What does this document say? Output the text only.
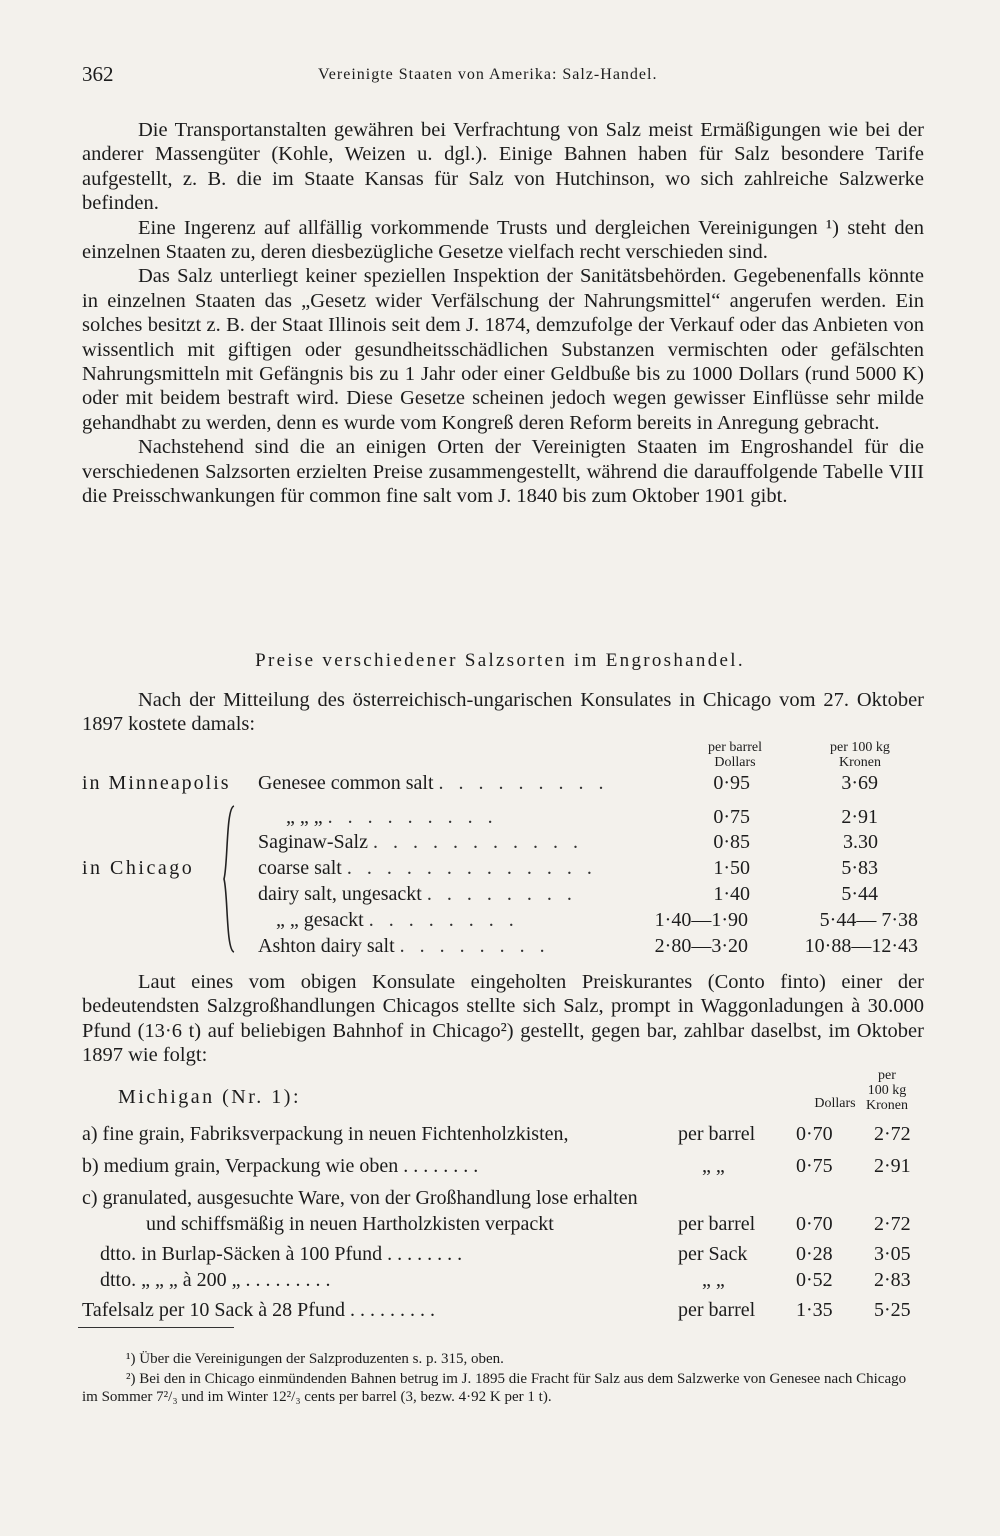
362	Vereinigte Staaten von Amerika: Salz-Handel.

Die Transportanstalten gewähren bei Verfrachtung von Salz meist Ermäßigungen wie bei der anderer Massengüter (Kohle, Weizen u. dgl.). Einige Bahnen haben für Salz besondere Tarife aufgestellt, z. B. die im Staate Kansas für Salz von Hutchinson, wo sich zahlreiche Salzwerke befinden.

Eine Ingerenz auf allfällig vorkommende Trusts und dergleichen Vereinigungen ¹) steht den einzelnen Staaten zu, deren diesbezügliche Gesetze vielfach recht verschieden sind.

Das Salz unterliegt keiner speziellen Inspektion der Sanitätsbehörden. Gegebenenfalls könnte in einzelnen Staaten das „Gesetz wider Verfälschung der Nahrungsmittel“ angerufen werden. Ein solches besitzt z. B. der Staat Illinois seit dem J. 1874, demzufolge der Verkauf oder das Anbieten von wissentlich mit giftigen oder gesundheitsschädlichen Substanzen vermischten oder gefälschten Nahrungsmitteln mit Gefängnis bis zu 1 Jahr oder einer Geldbuße bis zu 1000 Dollars (rund 5000 K) oder mit beidem bestraft wird. Diese Gesetze scheinen jedoch wegen gewisser Einflüsse sehr milde gehandhabt zu werden, denn es wurde vom Kongreß deren Reform bereits in Anregung gebracht.

Nachstehend sind die an einigen Orten der Vereinigten Staaten im Engroshandel für die verschiedenen Salzsorten erzielten Preise zusammengestellt, während die darauffolgende Tabelle VIII die Preisschwankungen für common fine salt vom J. 1840 bis zum Oktober 1901 gibt.

Preise verschiedener Salzsorten im Engroshandel.

Nach der Mitteilung des österreichisch-ungarischen Konsulates in Chicago vom 27. Oktober 1897 kostete damals:

per barrel
Dollars
per 100 kg
Kronen
in Minneapolis Genesee common salt . . . . . . . . .	0·95	3·69
„ „ „ . . . . . . . . .	0·75	2·91
Saginaw-Salz . . . . . . . . . . .	0·85	3.30
in Chicago	coarse salt . . . . . . . . . . . . .	1·50	5·83
dairy salt, ungesackt . . . . . . . .	1·40	5·44
„ „ gesackt . . . . . . . .	1·40—1·90	5·44— 7·38
Ashton dairy salt . . . . . . . .	2·80—3·20	10·88—12·43

Laut eines vom obigen Konsulate eingeholten Preiskurantes (Conto finto) einer der bedeutendsten Salzgroßhandlungen Chicagos stellte sich Salz, prompt in Waggonladungen à 30.000 Pfund (13·6 t) auf beliebigen Bahnhof in Chicago²) gestellt, gegen bar, zahlbar daselbst, im Oktober 1897 wie folgt:

Michigan (Nr. 1):	Dollars
per
100 kg
Kronen
a) fine grain, Fabriksverpackung in neuen Fichtenholzkisten,	per barrel 0·70	2·72
b) medium grain, Verpackung wie oben . . . . . . . .	„ „	0·75	2·91
c) granulated, ausgesuchte Ware, von der Großhandlung lose erhalten
und schiffsmäßig in neuen Hartholzkisten verpackt	per barrel 0·70	2·72
dtto. in Burlap-Säcken à 100 Pfund . . . . . . . .	per Sack 0·28	3·05
dtto. „ „ „ à 200 „ . . . . . . . . .	„ „	0·52	2·83
Tafelsalz per 10 Sack à 28 Pfund . . . . . . . . .	per barrel 1·35	5·25
¹) Über die Vereinigungen der Salzproduzenten s. p. 315, oben.
²) Bei den in Chicago einmündenden Bahnen betrug im J. 1895 die Fracht für Salz aus dem Salzwerke von Genesee nach Chicago im Sommer 7²/₃ und im Winter 12²/₃ cents per barrel (3, bezw. 4·92 K per 1 t).
